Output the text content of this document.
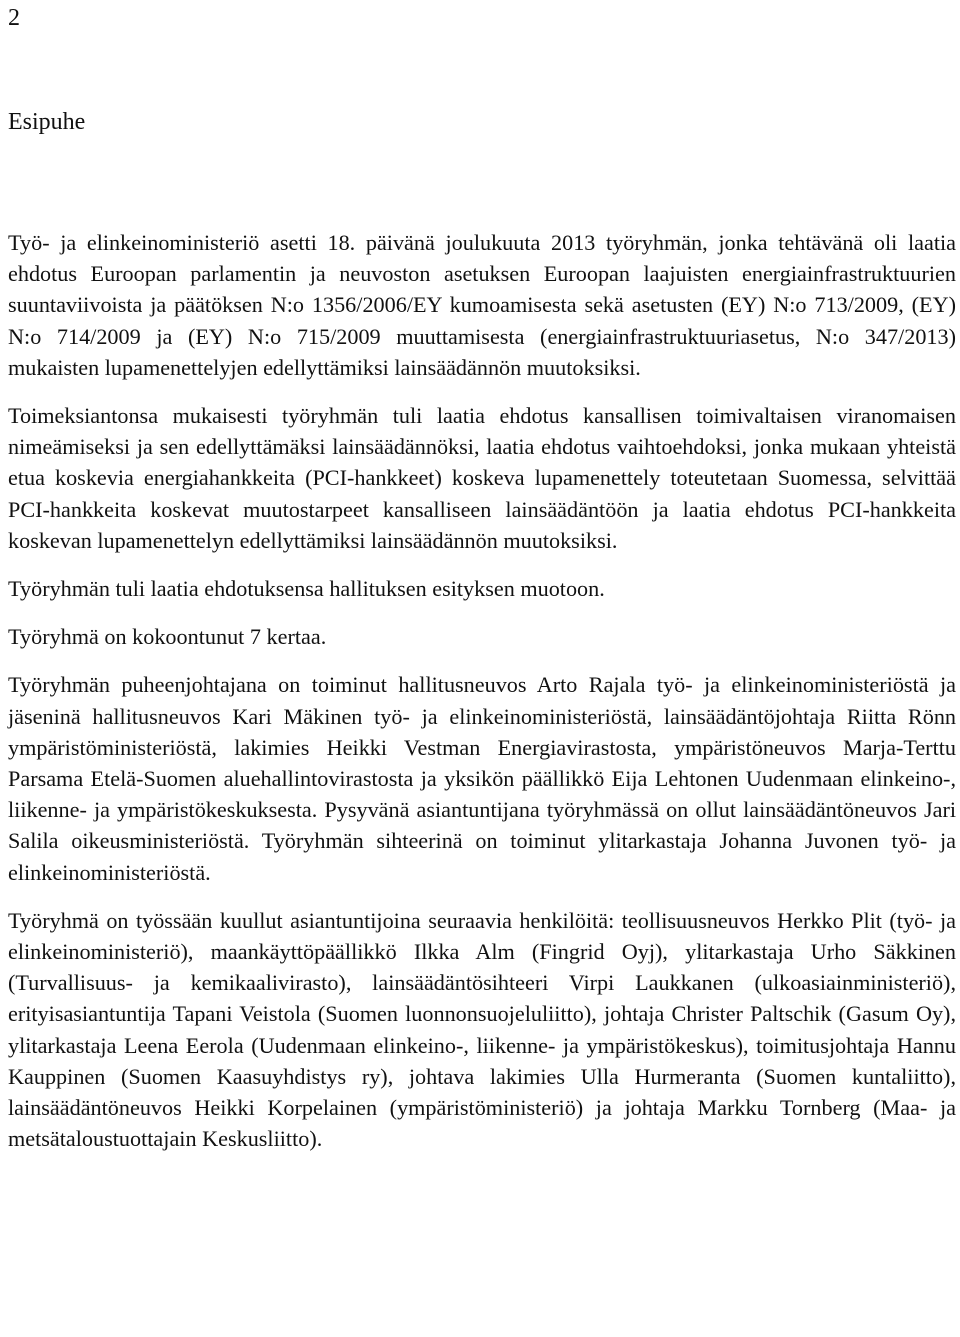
2
Esipuhe

Työ- ja elinkeinoministeriö asetti 18. päivänä joulukuuta 2013 työryhmän, jonka tehtävänä oli laatia ehdotus Euroopan parlamentin ja neuvoston asetuksen Euroopan laajuisten energiainfrastruktuurien suuntaviivoista ja päätöksen N:o 1356/2006/EY kumoamisesta sekä asetusten (EY) N:o 713/2009, (EY) N:o 714/2009 ja (EY) N:o 715/2009 muuttamisesta (energiainfrastruktuuriasetus, N:o 347/2013) mukaisten lupamenettelyjen edellyttämiksi lainsäädännön muutoksiksi.

Toimeksiantonsa mukaisesti työryhmän tuli laatia ehdotus kansallisen toimivaltaisen viranomaisen nimeämiseksi ja sen edellyttämäksi lainsäädännöksi, laatia ehdotus vaihtoehdoksi, jonka mukaan yhteistä etua koskevia energiahankkeita (PCI-hankkeet) koskeva lupamenettely toteutetaan Suomessa, selvittää PCI-hankkeita koskevat muutostarpeet kansalliseen lainsäädäntöön ja laatia ehdotus PCI-hankkeita koskevan lupamenettelyn edellyttämiksi lainsäädännön muutoksiksi.

Työryhmän tuli laatia ehdotuksensa hallituksen esityksen muotoon.

Työryhmä on kokoontunut 7 kertaa.

Työryhmän puheenjohtajana on toiminut hallitusneuvos Arto Rajala työ- ja elinkeinoministeriöstä ja jäseninä hallitusneuvos Kari Mäkinen työ- ja elinkeinoministeriöstä, lainsäädäntöjohtaja Riitta Rönn ympäristöministeriöstä, lakimies Heikki Vestman Energiavirastosta, ympäristöneuvos Marja-Terttu Parsama Etelä-Suomen aluehallintovirastosta ja yksikön päällikkö Eija Lehtonen Uudenmaan elinkeino-, liikenne- ja ympäristökeskuksesta. Pysyvänä asiantuntijana työryhmässä on ollut lainsäädäntöneuvos Jari Salila oikeusministeriöstä. Työryhmän sihteerinä on toiminut ylitarkastaja Johanna Juvonen työ- ja elinkeinoministeriöstä.

Työryhmä on työssään kuullut asiantuntijoina seuraavia henkilöitä: teollisuusneuvos Herkko Plit (työ- ja elinkeinoministeriö), maankäyttöpäällikkö Ilkka Alm (Fingrid Oyj), ylitarkastaja Urho Säkkinen (Turvallisuus- ja kemikaalivirasto), lainsäädäntösihteeri Virpi Laukkanen (ulkoasiainministeriö), erityisasiantuntija Tapani Veistola (Suomen luonnonsuojeluliitto), johtaja Christer Paltschik (Gasum Oy), ylitarkastaja Leena Eerola (Uudenmaan elinkeino-, liikenne- ja ympäristökeskus), toimitusjohtaja Hannu Kauppinen (Suomen Kaasuyhdistys ry), johtava lakimies Ulla Hurmeranta (Suomen kuntaliitto), lainsäädäntöneuvos Heikki Korpelainen (ympäristöministeriö) ja johtaja Markku Tornberg (Maa- ja metsätaloustuottajain Keskusliitto).
